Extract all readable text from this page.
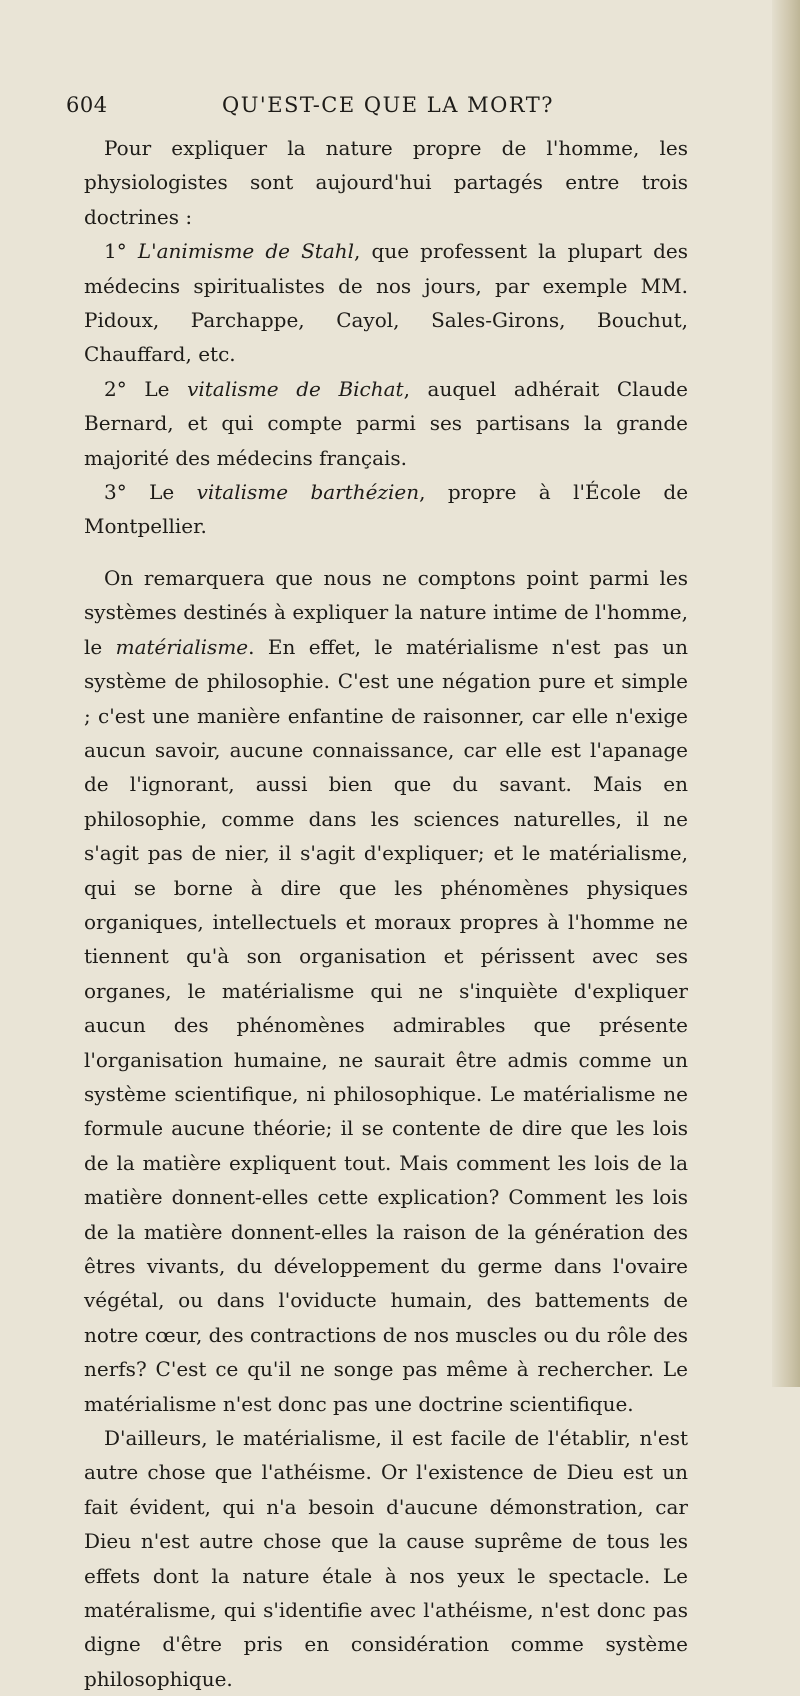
604	QU'EST-CE QUE LA MORT?

Pour expliquer la nature propre de l'homme, les physiologistes sont aujourd'hui partagés entre trois doctrines :

1° L'animisme de Stahl, que professent la plupart des médecins spiritualistes de nos jours, par exemple MM. Pidoux, Parchappe, Cayol, Sales-Girons, Bouchut, Chauffard, etc.

2° Le vitalisme de Bichat, auquel adhérait Claude Bernard, et qui compte parmi ses partisans la grande majorité des médecins français.

3° Le vitalisme barthézien, propre à l'École de Montpellier.

On remarquera que nous ne comptons point parmi les systèmes destinés à expliquer la nature intime de l'homme, le matérialisme. En effet, le matérialisme n'est pas un système de philosophie. C'est une négation pure et simple ; c'est une manière enfantine de raisonner, car elle n'exige aucun savoir, aucune connaissance, car elle est l'apanage de l'ignorant, aussi bien que du savant. Mais en philosophie, comme dans les sciences naturelles, il ne s'agit pas de nier, il s'agit d'expliquer; et le matérialisme, qui se borne à dire que les phénomènes physiques organiques, intellectuels et moraux propres à l'homme ne tiennent qu'à son organisation et périssent avec ses organes, le matérialisme qui ne s'inquiète d'expliquer aucun des phénomènes admirables que présente l'organisation humaine, ne saurait être admis comme un système scientifique, ni philosophique. Le matérialisme ne formule aucune théorie; il se contente de dire que les lois de la matière expliquent tout. Mais comment les lois de la matière donnent-elles cette explication? Comment les lois de la matière donnent-elles la raison de la génération des êtres vivants, du développement du germe dans l'ovaire végétal, ou dans l'oviducte humain, des battements de notre cœur, des contractions de nos muscles ou du rôle des nerfs? C'est ce qu'il ne songe pas même à rechercher. Le matérialisme n'est donc pas une doctrine scientifique.

D'ailleurs, le matérialisme, il est facile de l'établir, n'est autre chose que l'athéisme. Or l'existence de Dieu est un fait évident, qui n'a besoin d'aucune démonstration, car Dieu n'est autre chose que la cause suprême de tous les effets dont la nature étale à nos yeux le spectacle. Le matéralisme, qui s'identifie avec l'athéisme, n'est donc pas digne d'être pris en considération comme système philosophique.
